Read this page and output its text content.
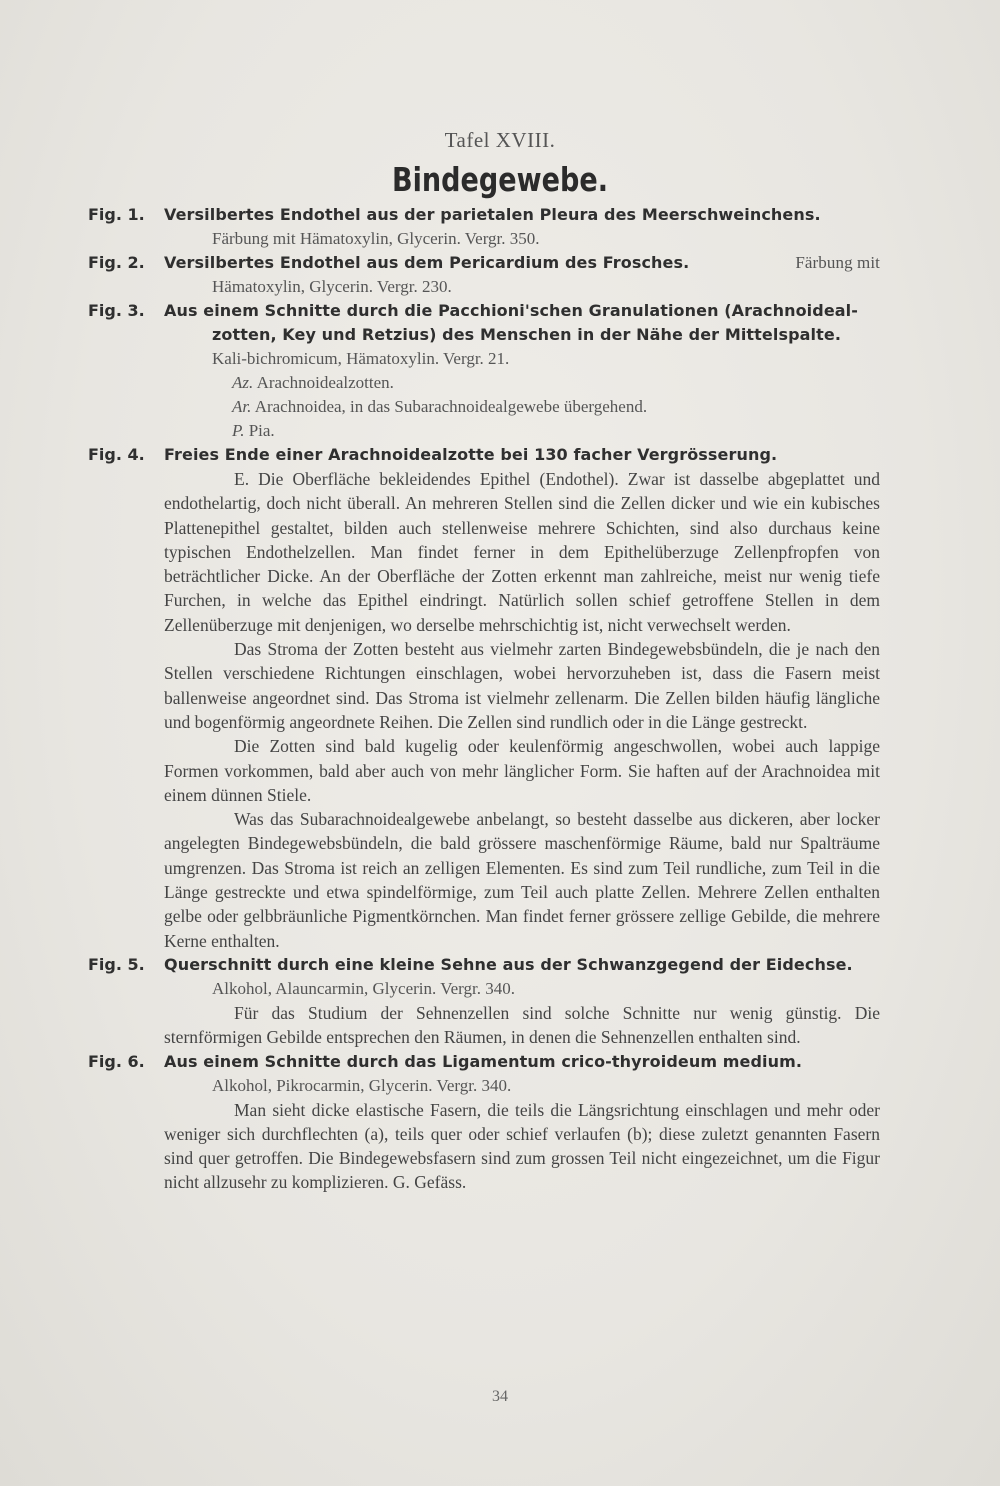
Tafel XVIII.
Bindegewebe.
Fig. 1. Versilbertes Endothel aus der parietalen Pleura des Meerschweinchens.
Färbung mit Hämatoxylin, Glycerin. Vergr. 350.
Fig. 2. Versilbertes Endothel aus dem Pericardium des Frosches.	Färbung mit
Hämatoxylin, Glycerin. Vergr. 230.
Fig. 3. Aus einem Schnitte durch die Pacchioni'schen Granulationen (Arachnoideal-
zotten, Key und Retzius) des Menschen in der Nähe der Mittelspalte.
Kali-bichromicum, Hämatoxylin. Vergr. 21.
Az. Arachnoidealzotten.
Ar. Arachnoidea, in das Subarachnoidealgewebe übergehend.
P. Pia.
Fig. 4. Freies Ende einer Arachnoidealzotte bei 130 facher Vergrösserung.
E. Die Oberfläche bekleidendes Epithel (Endothel). Zwar ist dasselbe abgeplattet und endothelartig, doch nicht überall. An mehreren Stellen sind die Zellen dicker und wie ein kubisches Plattenepithel gestaltet, bilden auch stellenweise mehrere Schichten, sind also durchaus keine typischen Endothelzellen. Man findet ferner in dem Epithelüberzuge Zellenpfropfen von beträchtlicher Dicke. An der Oberfläche der Zotten erkennt man zahlreiche, meist nur wenig tiefe Furchen, in welche das Epithel eindringt. Natürlich sollen schief getroffene Stellen in dem Zellenüberzuge mit denjenigen, wo derselbe mehrschichtig ist, nicht verwechselt werden.
Das Stroma der Zotten besteht aus vielmehr zarten Bindegewebsbündeln, die je nach den Stellen verschiedene Richtungen einschlagen, wobei hervorzuheben ist, dass die Fasern meist ballenweise angeordnet sind. Das Stroma ist vielmehr zellenarm. Die Zellen bilden häufig längliche und bogenförmig angeordnete Reihen. Die Zellen sind rundlich oder in die Länge gestreckt.
Die Zotten sind bald kugelig oder keulenförmig angeschwollen, wobei auch lappige Formen vorkommen, bald aber auch von mehr länglicher Form. Sie haften auf der Arachnoidea mit einem dünnen Stiele.
Was das Subarachnoidealgewebe anbelangt, so besteht dasselbe aus dickeren, aber locker angelegten Bindegewebsbündeln, die bald grössere maschenförmige Räume, bald nur Spalträume umgrenzen. Das Stroma ist reich an zelligen Elementen. Es sind zum Teil rundliche, zum Teil in die Länge gestreckte und etwa spindelförmige, zum Teil auch platte Zellen. Mehrere Zellen enthalten gelbe oder gelbbräunliche Pigmentkörnchen. Man findet ferner grössere zellige Gebilde, die mehrere Kerne enthalten.
Fig. 5. Querschnitt durch eine kleine Sehne aus der Schwanzgegend der Eidechse.
Alkohol, Alauncarmin, Glycerin. Vergr. 340.
Für das Studium der Sehnenzellen sind solche Schnitte nur wenig günstig. Die sternförmigen Gebilde entsprechen den Räumen, in denen die Sehnenzellen enthalten sind.
Fig. 6. Aus einem Schnitte durch das Ligamentum crico-thyroideum medium.
Alkohol, Pikrocarmin, Glycerin. Vergr. 340.
Man sieht dicke elastische Fasern, die teils die Längsrichtung einschlagen und mehr oder weniger sich durchflechten (a), teils quer oder schief verlaufen (b); diese zuletzt genannten Fasern sind quer getroffen. Die Bindegewebsfasern sind zum grossen Teil nicht eingezeichnet, um die Figur nicht allzusehr zu komplizieren. G. Gefäss.
34
